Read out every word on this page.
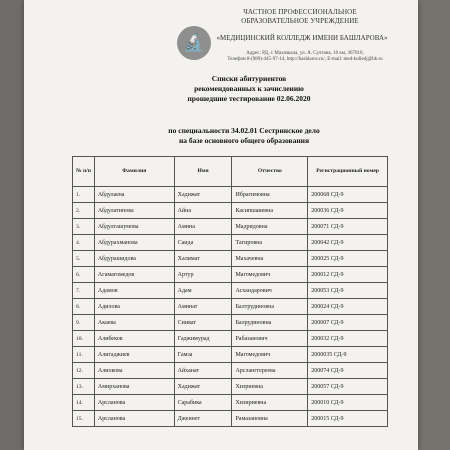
ЧАСТНОЕ ПРОФЕССИОНАЛЬНОЕ
ОБРАЗОВАТЕЛЬНОЕ УЧРЕЖДЕНИЕ
🔬	«МЕДИЦИНСКИЙ КОЛЛЕДЖ ИМЕНИ БАШЛАРОВА»
Адрес: РД, г. Махачкала, ул. А. Султана, 10 км, 367010,
Телефон 8-(989)-445-97-14, http://bashlarov.ru/, E-mail: med-kolledj@bk.ru
Списки абитуриентов
рекомендованных к зачислению
прошедшие тестирование 02.06.2020
по специальности 34.02.01 Сестринское дело
на базе основного общего образования
№ п/п	Фамилия	Имя	Отчество	Регистрационный номер
1.	Абдулаева	Хадижат	Ибрагимовна	200068 СД-9
2.	Абдулатипова	Айна	Касипшаиевна	200036 СД-9
3.	Абдулгашумова	Амина	Мадридовна	200071 СД-9
4.	Абдурахманова	Саида	Тагировна	200042 СД-9
5.	Абдурашидова	Халимат	Махачевна	200025 СД-9
6.	Агамагомедов	Артур	Магомедович	200012 СД-9
7.	Адамов	Адам	Асхандарович	200053 СД-9
8.	Адилова	Аминат	Балтрудиновна	200024 СД-9
9.	Акаева	Сииват	Балрудиновна	200007 СД-9
10.	Алибеков	Гаджимурад	Рабазанович	200032 СД-9
11.	Алигаджиев	Гамза	Магомедович	2000035 СД-9
12.	Алиокова	Айханат	Арсланггереева	200074 СД-9
13.	Амирханова	Хадижат	Хизриевна	200057 СД-9
14.	Арсланова	Сарабика	Хизириевна	200010 СД-9
15.	Арсланова	Джеинет	Рамазановна	200015 СД-9
